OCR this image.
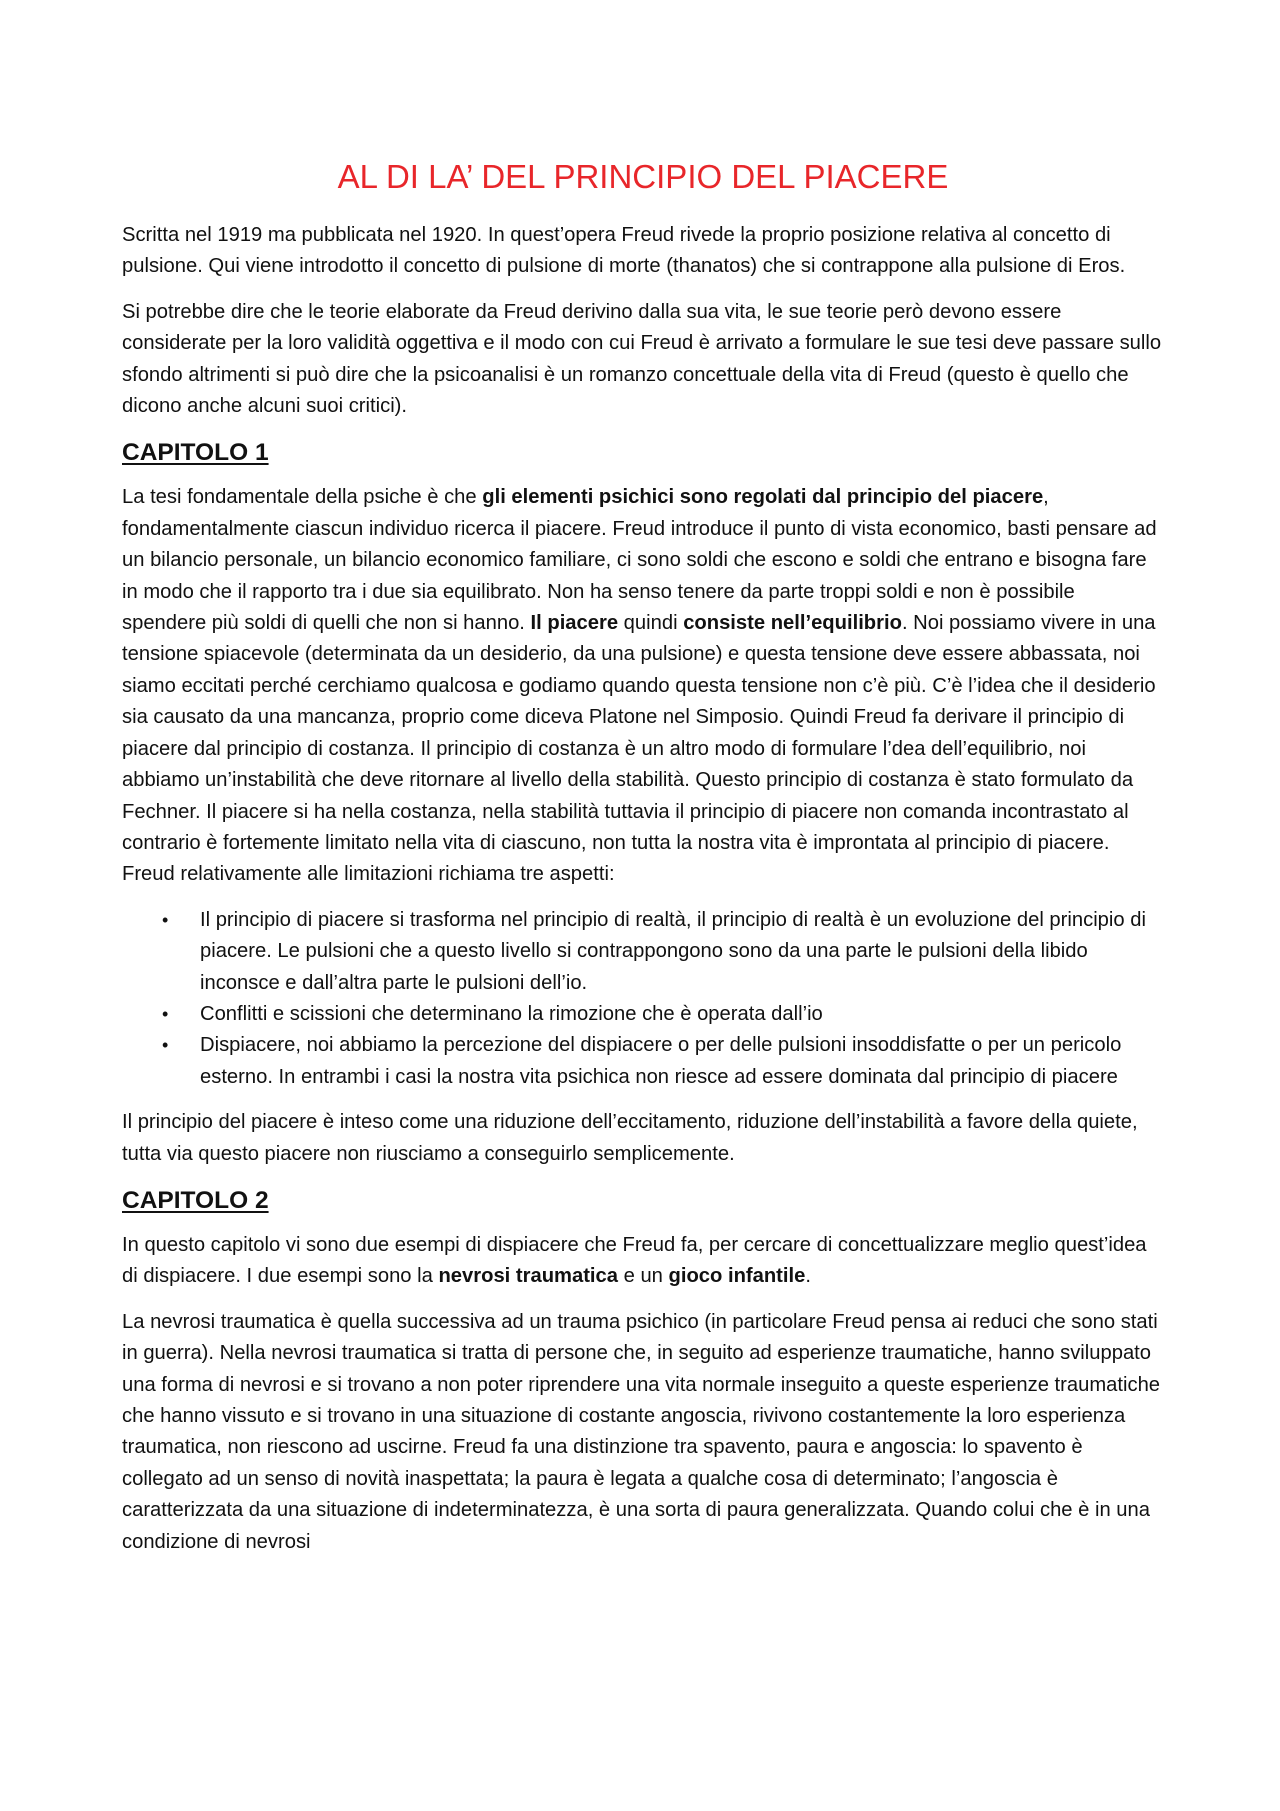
AL DI LA’ DEL PRINCIPIO DEL PIACERE

Scritta nel 1919 ma pubblicata nel 1920. In quest’opera Freud rivede la proprio posizione relativa al concetto di pulsione. Qui viene introdotto il concetto di pulsione di morte (thanatos) che si contrappone alla pulsione di Eros.

Si potrebbe dire che le teorie elaborate da Freud derivino dalla sua vita, le sue teorie però devono essere considerate per la loro validità oggettiva e il modo con cui Freud è arrivato a formulare le sue tesi deve passare sullo sfondo altrimenti si può dire che la psicoanalisi è un romanzo concettuale della vita di Freud (questo è quello che dicono anche alcuni suoi critici).

CAPITOLO 1

La tesi fondamentale della psiche è che gli elementi psichici sono regolati dal principio del piacere, fondamentalmente ciascun individuo ricerca il piacere. Freud introduce il punto di vista economico, basti pensare ad un bilancio personale, un bilancio economico familiare, ci sono soldi che escono e soldi che entrano e bisogna fare in modo che il rapporto tra i due sia equilibrato. Non ha senso tenere da parte troppi soldi e non è possibile spendere più soldi di quelli che non si hanno. Il piacere quindi consiste nell’equilibrio. Noi possiamo vivere in una tensione spiacevole (determinata da un desiderio, da una pulsione) e questa tensione deve essere abbassata, noi siamo eccitati perché cerchiamo qualcosa e godiamo quando questa tensione non c’è più. C’è l’idea che il desiderio sia causato da una mancanza, proprio come diceva Platone nel Simposio. Quindi Freud fa derivare il principio di piacere dal principio di costanza. Il principio di costanza è un altro modo di formulare l’dea dell’equilibrio, noi abbiamo un’instabilità che deve ritornare al livello della stabilità. Questo principio di costanza è stato formulato da Fechner. Il piacere si ha nella costanza, nella stabilità tuttavia il principio di piacere non comanda incontrastato al contrario è fortemente limitato nella vita di ciascuno, non tutta la nostra vita è improntata al principio di piacere. Freud relativamente alle limitazioni richiama tre aspetti:

• Il principio di piacere si trasforma nel principio di realtà, il principio di realtà è un evoluzione del principio di piacere. Le pulsioni che a questo livello si contrappongono sono da una parte le pulsioni della libido inconsce e dall’altra parte le pulsioni dell’io.
• Conflitti e scissioni che determinano la rimozione che è operata dall’io
• Dispiacere, noi abbiamo la percezione del dispiacere o per delle pulsioni insoddisfatte o per un pericolo esterno. In entrambi i casi la nostra vita psichica non riesce ad essere dominata dal principio di piacere

Il principio del piacere è inteso come una riduzione dell’eccitamento, riduzione dell’instabilità a favore della quiete, tutta via questo piacere non riusciamo a conseguirlo semplicemente.

CAPITOLO 2

In questo capitolo vi sono due esempi di dispiacere che Freud fa, per cercare di concettualizzare meglio quest’idea di dispiacere. I due esempi sono la nevrosi traumatica e un gioco infantile.

La nevrosi traumatica è quella successiva ad un trauma psichico (in particolare Freud pensa ai reduci che sono stati in guerra). Nella nevrosi traumatica si tratta di persone che, in seguito ad esperienze traumatiche, hanno sviluppato una forma di nevrosi e si trovano a non poter riprendere una vita normale inseguito a queste esperienze traumatiche che hanno vissuto e si trovano in una situazione di costante angoscia, rivivono costantemente la loro esperienza traumatica, non riescono ad uscirne. Freud fa una distinzione tra spavento, paura e angoscia: lo spavento è collegato ad un senso di novità inaspettata; la paura è legata a qualche cosa di determinato; l’angoscia è caratterizzata da una situazione di indeterminatezza, è una sorta di paura generalizzata. Quando colui che è in una condizione di nevrosi
